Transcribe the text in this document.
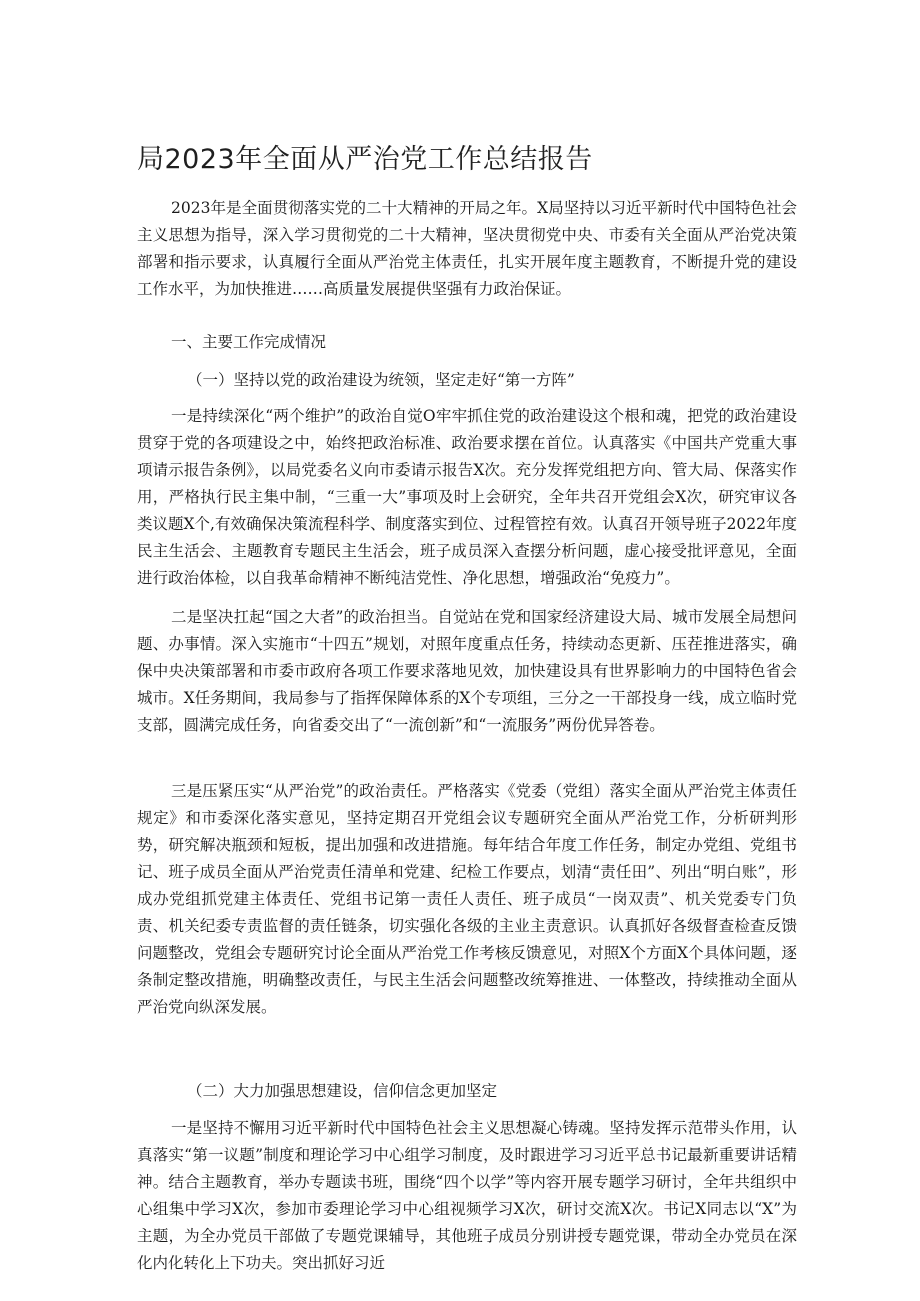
局2023年全面从严治党工作总结报告
2023年是全面贯彻落实党的二十大精神的开局之年。X局坚持以习近平新时代中国特色社会主义思想为指导，深入学习贯彻党的二十大精神，坚决贯彻党中央、市委有关全面从严治党决策部署和指示要求，认真履行全面从严治党主体责任，扎实开展年度主题教育，不断提升党的建设工作水平，为加快推进……高质量发展提供坚强有力政治保证。
一、主要工作完成情况
（一）坚持以党的政治建设为统领，坚定走好“第一方阵”
一是持续深化“两个维护”的政治自觉O牢牢抓住党的政治建设这个根和魂，把党的政治建设贯穿于党的各项建设之中，始终把政治标准、政治要求摆在首位。认真落实《中国共产党重大事项请示报告条例》，以局党委名义向市委请示报告X次。充分发挥党组把方向、管大局、保落实作用，严格执行民主集中制，“三重一大”事项及时上会研究，全年共召开党组会X次，研究审议各类议题X个,有效确保决策流程科学、制度落实到位、过程管控有效。认真召开领导班子2022年度民主生活会、主题教育专题民主生活会，班子成员深入查摆分析问题，虚心接受批评意见，全面进行政治体检，以自我革命精神不断纯洁党性、净化思想，增强政治“免疫力”。
二是坚决扛起“国之大者”的政治担当。自觉站在党和国家经济建设大局、城市发展全局想问题、办事情。深入实施市“十四五”规划，对照年度重点任务，持续动态更新、压茬推进落实，确保中央决策部署和市委市政府各项工作要求落地见效，加快建设具有世界影响力的中国特色省会城市。X任务期间，我局参与了指挥保障体系的X个专项组，三分之一干部投身一线，成立临时党支部，圆满完成任务，向省委交出了“一流创新”和“一流服务”两份优异答卷。
三是压紧压实“从严治党”的政治责任。严格落实《党委（党组）落实全面从严治党主体责任规定》和市委深化落实意见，坚持定期召开党组会议专题研究全面从严治党工作，分析研判形势，研究解决瓶颈和短板，提出加强和改进措施。每年结合年度工作任务，制定办党组、党组书记、班子成员全面从严治党责任清单和党建、纪检工作要点，划清“责任田”、列出“明白账”，形成办党组抓党建主体责任、党组书记第一责任人责任、班子成员“一岗双责”、机关党委专门负责、机关纪委专责监督的责任链条，切实强化各级的主业主责意识。认真抓好各级督查检查反馈问题整改，党组会专题研究讨论全面从严治党工作考核反馈意见，对照X个方面X个具体问题，逐条制定整改措施，明确整改责任，与民主生活会问题整改统筹推进、一体整改，持续推动全面从严治党向纵深发展。
（二）大力加强思想建设，信仰信念更加坚定
一是坚持不懈用习近平新时代中国特色社会主义思想凝心铸魂。坚持发挥示范带头作用，认真落实“第一议题”制度和理论学习中心组学习制度，及时跟进学习习近平总书记最新重要讲话精神。结合主题教育，举办专题读书班，围绕“四个以学”等内容开展专题学习研讨，全年共组织中心组集中学习X次，参加市委理论学习中心组视频学习X次，研讨交流X次。书记X同志以“X”为主题，为全办党员干部做了专题党课辅导，其他班子成员分别讲授专题党课，带动全办党员在深化内化转化上下功夫。突出抓好习近
